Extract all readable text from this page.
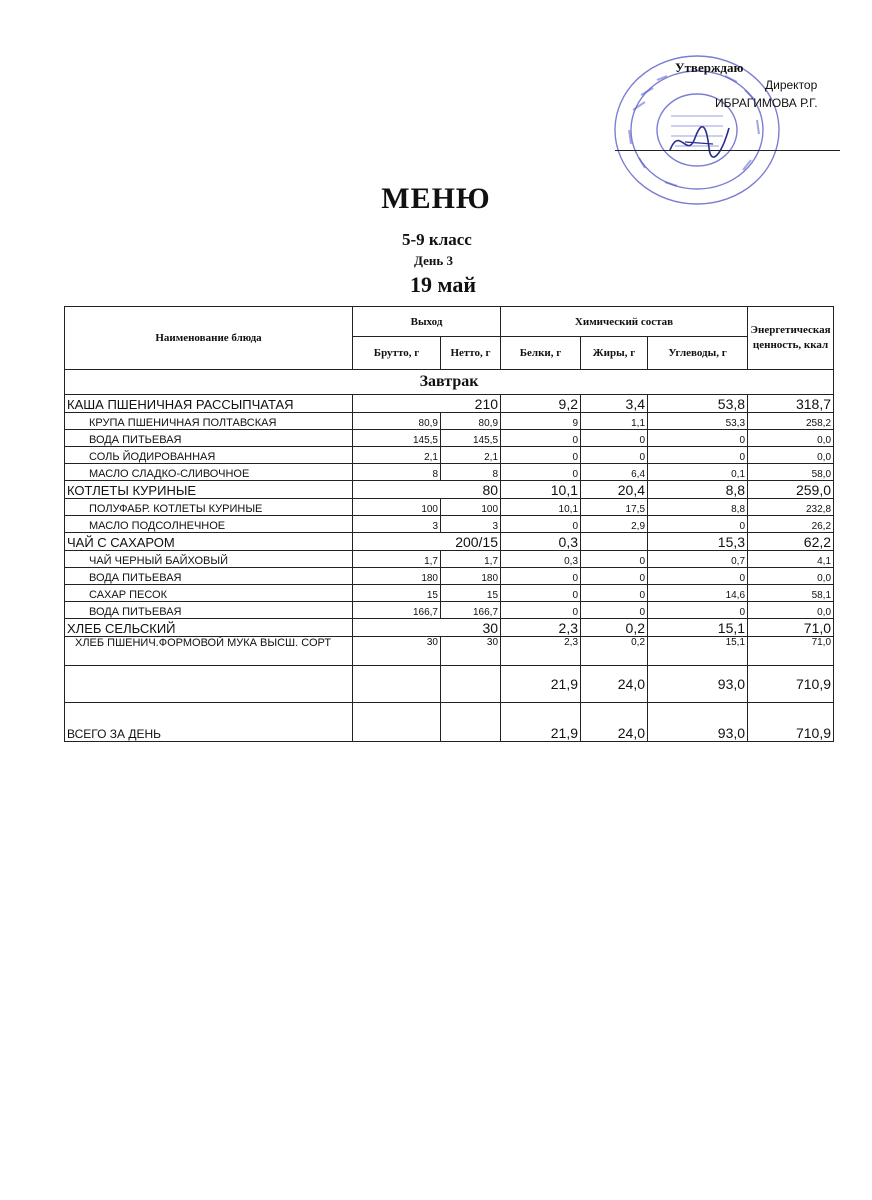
Утверждаю
Директор
ИБРАГИМОВА Р.Г.
МЕНЮ
5-9 класс
День 3
19 май
Наименование блюда	Выход		Химический состав			Энергетическая ценность, ккал
	Брутто, г	Нетто, г	Белки, г	Жиры, г	Углеводы, г	
Завтрак						
КАША ПШЕНИЧНАЯ РАССЫПЧАТАЯ	210		9,2	3,4	53,8	318,7
КРУПА ПШЕНИЧНАЯ ПОЛТАВСКАЯ	80,9	80,9	9	1,1	53,3	258,2
ВОДА ПИТЬЕВАЯ	145,5	145,5	0	0	0	0,0
СОЛЬ ЙОДИРОВАННАЯ	2,1	2,1	0	0	0	0,0
МАСЛО СЛАДКО-СЛИВОЧНОЕ	8	8	0	6,4	0,1	58,0
КОТЛЕТЫ КУРИНЫЕ	80		10,1	20,4	8,8	259,0
ПОЛУФАБР. КОТЛЕТЫ КУРИНЫЕ	100	100	10,1	17,5	8,8	232,8
МАСЛО ПОДСОЛНЕЧНОЕ	3	3	0	2,9	0	26,2
ЧАЙ С САХАРОМ	200/15		0,3		15,3	62,2
ЧАЙ ЧЕРНЫЙ БАЙХОВЫЙ	1,7	1,7	0,3	0	0,7	4,1
ВОДА ПИТЬЕВАЯ	180	180	0	0	0	0,0
САХАР ПЕСОК	15	15	0	0	14,6	58,1
ВОДА ПИТЬЕВАЯ	166,7	166,7	0	0	0	0,0
ХЛЕБ СЕЛЬСКИЙ	30		2,3	0,2	15,1	71,0
ХЛЕБ ПШЕНИЧ.ФОРМОВОЙ МУКА ВЫСШ. СОРТ	30	30	2,3	0,2	15,1	71,0
			21,9	24,0	93,0	710,9
ВСЕГО ЗА ДЕНЬ			21,9	24,0	93,0	710,9
